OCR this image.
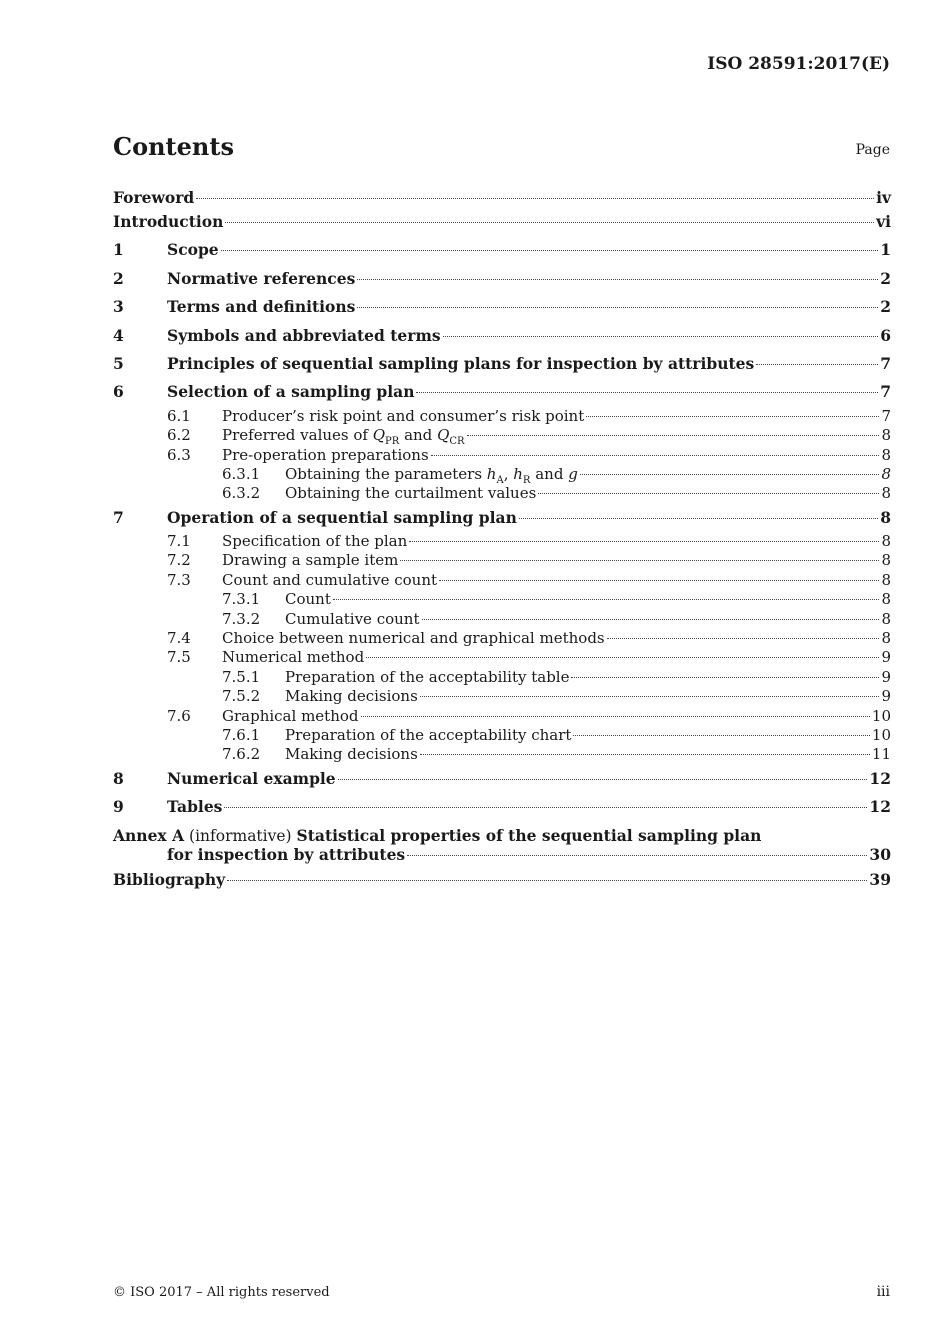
ISO 28591:2017(E)
Contents	Page
Foreword	iv
Introduction	vi
1	Scope	1
2	Normative references	2
3	Terms and definitions	2
4	Symbols and abbreviated terms	6
5	Principles of sequential sampling plans for inspection by attributes	7
6	Selection of a sampling plan	7
6.1	Producer’s risk point and consumer’s risk point	7
6.2	Preferred values of $Q_{PR}$ and $Q_{CR}$	8
6.3	Pre-operation preparations	8
6.3.1	Obtaining the parameters $h_A$, $h_R$ and g	8
6.3.2	Obtaining the curtailment values	8
7	Operation of a sequential sampling plan	8
7.1	Specification of the plan	8
7.2	Drawing a sample item	8
7.3	Count and cumulative count	8
7.3.1	Count	8
7.3.2	Cumulative count	8
7.4	Choice between numerical and graphical methods	8
7.5	Numerical method	9
7.5.1	Preparation of the acceptability table	9
7.5.2	Making decisions	9
7.6	Graphical method	10
7.6.1	Preparation of the acceptability chart	10
7.6.2	Making decisions	11
8	Numerical example	12
9	Tables	12
Annex A (informative) Statistical properties of the sequential sampling plan
for inspection by attributes	30
Bibliography	39
© ISO 2017 – All rights reserved	iii
